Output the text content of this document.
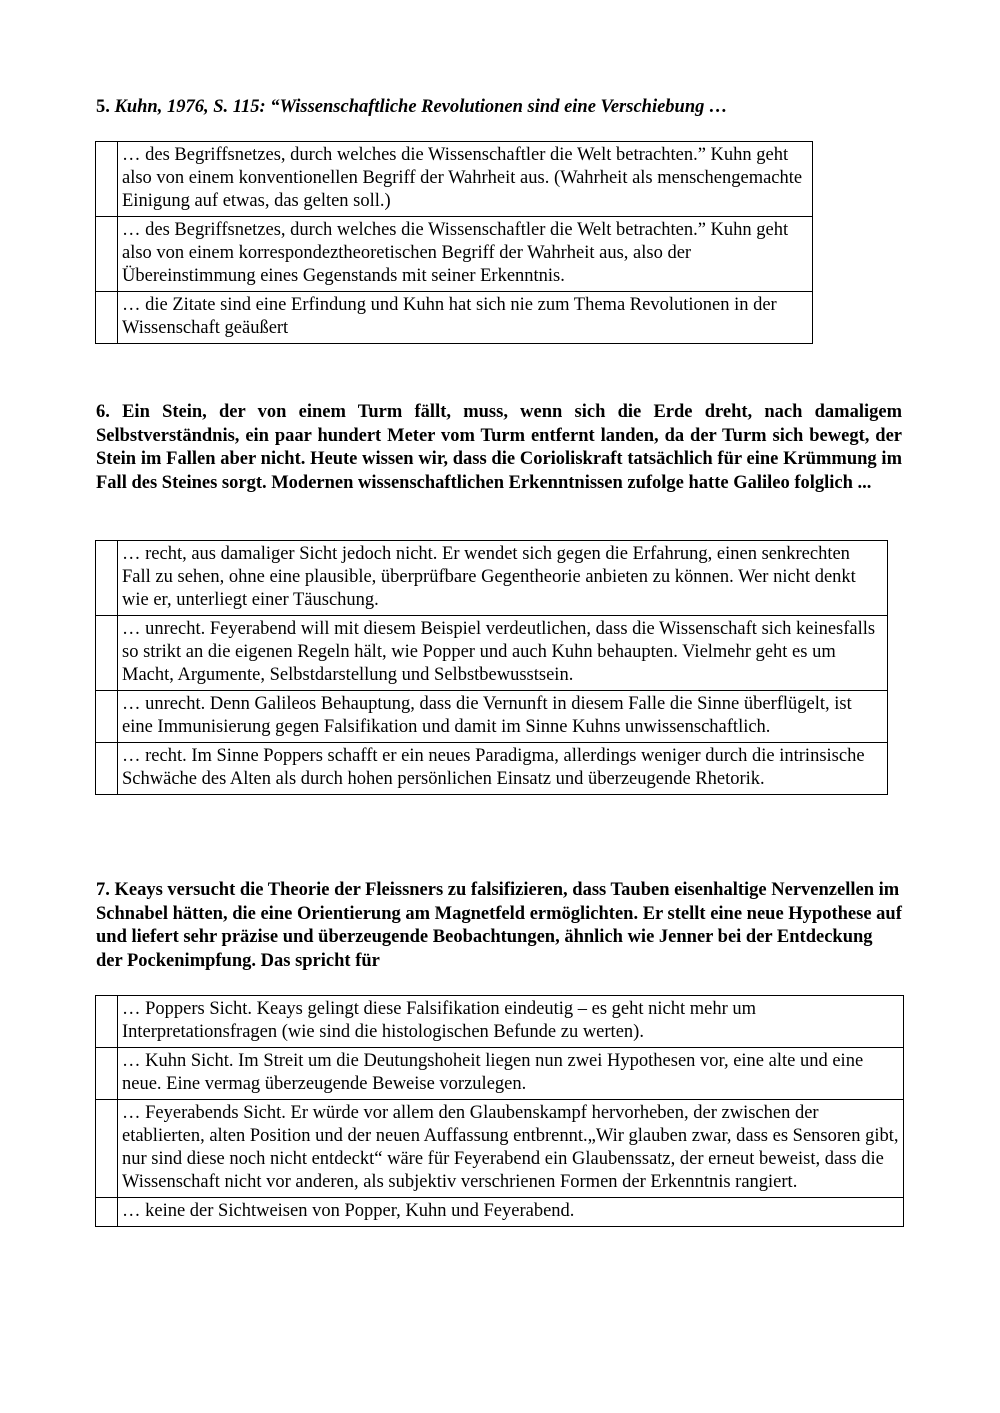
5. Kuhn, 1976, S. 115: “Wissenschaftliche Revolutionen sind eine Verschiebung …

	… des Begriffsnetzes, durch welches die Wissenschaftler die Welt betrachten.” Kuhn geht also von einem konventionellen Begriff der Wahrheit aus. (Wahrheit als menschengemachte Einigung auf etwas, das gelten soll.)
	… des Begriffsnetzes, durch welches die Wissenschaftler die Welt betrachten.” Kuhn geht also von einem korrespondeztheoretischen Begriff der Wahrheit aus, also der Übereinstimmung eines Gegenstands mit seiner Erkenntnis.
	… die Zitate sind eine Erfindung und Kuhn hat sich nie zum Thema Revolutionen in der Wissenschaft geäußert

6. Ein Stein, der von einem Turm fällt, muss, wenn sich die Erde dreht, nach damaligem Selbstverständnis, ein paar hundert Meter vom Turm entfernt landen, da der Turm sich bewegt, der Stein im Fallen aber nicht. Heute wissen wir, dass die Corioliskraft tatsächlich für eine Krümmung im Fall des Steines sorgt. Modernen wissenschaftlichen Erkenntnissen zufolge hatte Galileo folglich ...

	… recht, aus damaliger Sicht jedoch nicht. Er wendet sich gegen die Erfahrung, einen senkrechten Fall zu sehen, ohne eine plausible, überprüfbare Gegentheorie anbieten zu können. Wer nicht denkt wie er, unterliegt einer Täuschung.
	… unrecht. Feyerabend will mit diesem Beispiel verdeutlichen, dass die Wissenschaft sich keinesfalls so strikt an die eigenen Regeln hält, wie Popper und auch Kuhn behaupten. Vielmehr geht es um Macht, Argumente, Selbstdarstellung und Selbstbewusstsein.
	… unrecht. Denn Galileos Behauptung, dass die Vernunft in diesem Falle die Sinne überflügelt, ist eine Immunisierung gegen Falsifikation und damit im Sinne Kuhns unwissenschaftlich.
	… recht. Im Sinne Poppers schafft er ein neues Paradigma, allerdings weniger durch die intrinsische Schwäche des Alten als durch hohen persönlichen Einsatz und überzeugende Rhetorik.

7. Keays versucht die Theorie der Fleissners zu falsifizieren, dass Tauben eisenhaltige Nervenzellen im Schnabel hätten, die eine Orientierung am Magnetfeld ermöglichten. Er stellt eine neue Hypothese auf und liefert sehr präzise und überzeugende Beobachtungen, ähnlich wie Jenner bei der Entdeckung der Pockenimpfung. Das spricht für

	… Poppers Sicht. Keays gelingt diese Falsifikation eindeutig – es geht nicht mehr um Interpretationsfragen (wie sind die histologischen Befunde zu werten).
	… Kuhn Sicht. Im Streit um die Deutungshoheit liegen nun zwei Hypothesen vor, eine alte und eine neue. Eine vermag überzeugende Beweise vorzulegen.
	… Feyerabends Sicht. Er würde vor allem den Glaubenskampf hervorheben, der zwischen der etablierten, alten Position und der neuen Auffassung entbrennt.„Wir glauben zwar, dass es Sensoren gibt, nur sind diese noch nicht entdeckt“ wäre für Feyerabend ein Glaubenssatz, der erneut beweist, dass die Wissenschaft nicht vor anderen, als subjektiv verschrienen Formen der Erkenntnis rangiert.
	… keine der Sichtweisen von Popper, Kuhn und Feyerabend.
